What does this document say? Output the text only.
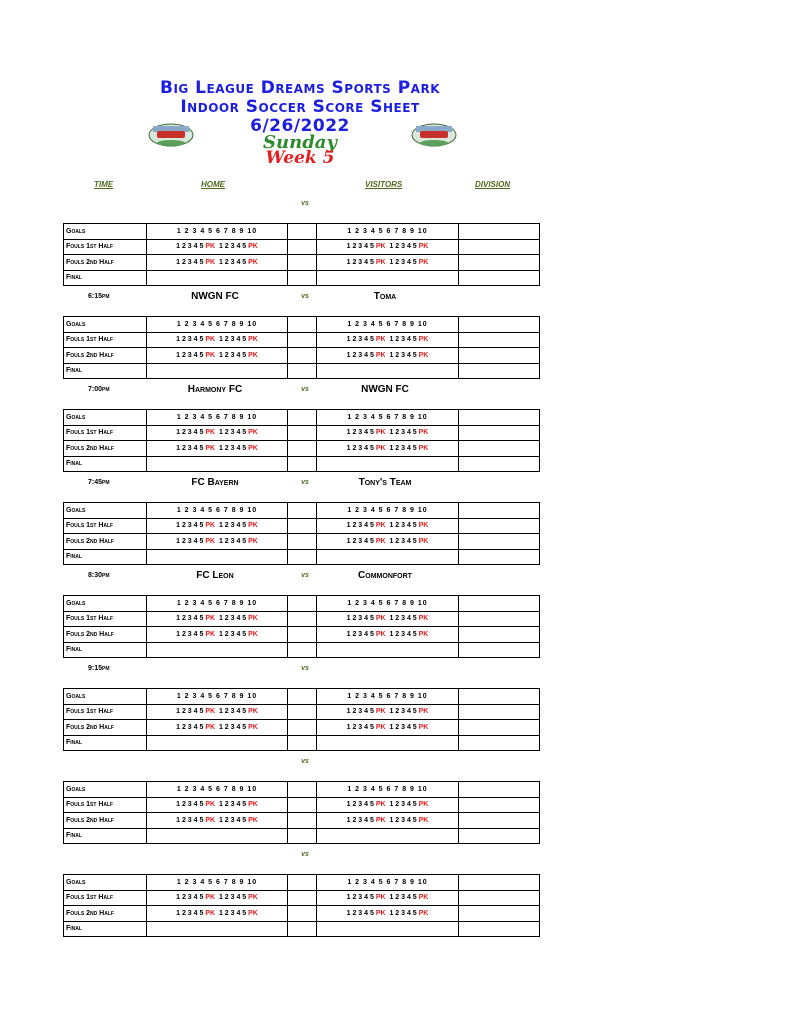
Big League Dreams Sports Park
Indoor Soccer Score Sheet
6/26/2022
Sunday
Week 5
TIME	HOME	VISITORS	DIVISION
vs
Goals	1 2 3 4 5 6 7 8 9 10		1 2 3 4 5 6 7 8 9 10	
Fouls 1st Half	1 2 3 4 5 PK 1 2 3 4 5 PK		1 2 3 4 5 PK 1 2 3 4 5 PK	
Fouls 2nd Half	1 2 3 4 5 PK 1 2 3 4 5 PK		1 2 3 4 5 PK 1 2 3 4 5 PK	
Final				
6:15pm	NWGN FC	vs	Toma
Goals	1 2 3 4 5 6 7 8 9 10		1 2 3 4 5 6 7 8 9 10	
Fouls 1st Half	1 2 3 4 5 PK 1 2 3 4 5 PK		1 2 3 4 5 PK 1 2 3 4 5 PK	
Fouls 2nd Half	1 2 3 4 5 PK 1 2 3 4 5 PK		1 2 3 4 5 PK 1 2 3 4 5 PK	
Final				
7:00pm	Harmony FC	vs	NWGN FC
Goals	1 2 3 4 5 6 7 8 9 10		1 2 3 4 5 6 7 8 9 10	
Fouls 1st Half	1 2 3 4 5 PK 1 2 3 4 5 PK		1 2 3 4 5 PK 1 2 3 4 5 PK	
Fouls 2nd Half	1 2 3 4 5 PK 1 2 3 4 5 PK		1 2 3 4 5 PK 1 2 3 4 5 PK	
Final				
7:45pm	FC Bayern	vs	Tony's Team
Goals	1 2 3 4 5 6 7 8 9 10		1 2 3 4 5 6 7 8 9 10	
Fouls 1st Half	1 2 3 4 5 PK 1 2 3 4 5 PK		1 2 3 4 5 PK 1 2 3 4 5 PK	
Fouls 2nd Half	1 2 3 4 5 PK 1 2 3 4 5 PK		1 2 3 4 5 PK 1 2 3 4 5 PK	
Final				
8:30pm	FC Leon	vs	Commonfort
Goals	1 2 3 4 5 6 7 8 9 10		1 2 3 4 5 6 7 8 9 10	
Fouls 1st Half	1 2 3 4 5 PK 1 2 3 4 5 PK		1 2 3 4 5 PK 1 2 3 4 5 PK	
Fouls 2nd Half	1 2 3 4 5 PK 1 2 3 4 5 PK		1 2 3 4 5 PK 1 2 3 4 5 PK	
Final				
9:15pm	vs
Goals	1 2 3 4 5 6 7 8 9 10		1 2 3 4 5 6 7 8 9 10	
Fouls 1st Half	1 2 3 4 5 PK 1 2 3 4 5 PK		1 2 3 4 5 PK 1 2 3 4 5 PK	
Fouls 2nd Half	1 2 3 4 5 PK 1 2 3 4 5 PK		1 2 3 4 5 PK 1 2 3 4 5 PK	
Final				
vs
Goals	1 2 3 4 5 6 7 8 9 10		1 2 3 4 5 6 7 8 9 10	
Fouls 1st Half	1 2 3 4 5 PK 1 2 3 4 5 PK		1 2 3 4 5 PK 1 2 3 4 5 PK	
Fouls 2nd Half	1 2 3 4 5 PK 1 2 3 4 5 PK		1 2 3 4 5 PK 1 2 3 4 5 PK	
Final				
vs
Goals	1 2 3 4 5 6 7 8 9 10		1 2 3 4 5 6 7 8 9 10	
Fouls 1st Half	1 2 3 4 5 PK 1 2 3 4 5 PK		1 2 3 4 5 PK 1 2 3 4 5 PK	
Fouls 2nd Half	1 2 3 4 5 PK 1 2 3 4 5 PK		1 2 3 4 5 PK 1 2 3 4 5 PK	
Final				
